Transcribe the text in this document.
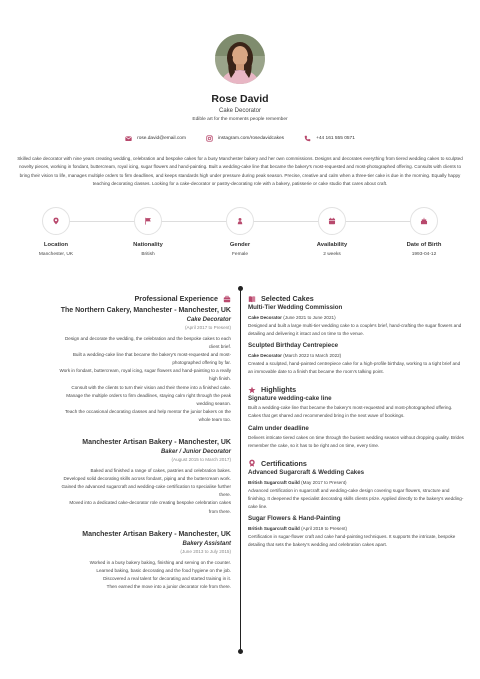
Rose David
Cake Decorator
Edible art for the moments people remember
rose.david@email.com	instagram.com/rosedavidcakes	+44 161 555 0571
Skilled cake decorator with nine years creating wedding, celebration and bespoke cakes for a busy Manchester bakery and her own commissions. Designs and decorates everything from tiered wedding cakes to sculpted novelty pieces, working in fondant, buttercream, royal icing, sugar flowers and hand-painting. Built a wedding-cake line that became the bakery's most-requested and most-photographed offering. Consults with clients to bring their vision to life, manages multiple orders to firm deadlines, and keeps standards high under pressure during peak season. Precise, creative and calm when a three-tier cake is due in the morning. Equally happy teaching decorating classes. Looking for a cake-decorator or pastry-decorating role with a bakery, patisserie or cake studio that cares about craft.
Location
Manchester, UK
Nationality
British
Gender
Female
Availability
2 weeks
Date of Birth
1993-04-12
Professional Experience
The Northern Cakery, Manchester - Manchester, UK
Cake Decorator
(April 2017 to Present)
Design and decorate the wedding, the celebration and the bespoke cakes to each
client brief.
Built a wedding-cake line that became the bakery's most-requested and most-
photographed offering by far.
Work in fondant, buttercream, royal icing, sugar flowers and hand-painting to a really
high finish.
Consult with the clients to turn their vision and their theme into a finished cake.
Manage the multiple orders to firm deadlines, staying calm right through the peak
wedding season.
Teach the occasional decorating classes and help mentor the junior bakers on the
whole team too.
Manchester Artisan Bakery - Manchester, UK
Baker / Junior Decorator
(August 2015 to March 2017)
Baked and finished a range of cakes, pastries and celebration bakes.
Developed solid decorating skills across fondant, piping and the buttercream work.
Gained the advanced sugarcraft and wedding-cake certification to specialise further
there.
Moved into a dedicated cake-decorator role creating bespoke celebration cakes
from there.
Manchester Artisan Bakery - Manchester, UK
Bakery Assistant
(June 2013 to July 2015)
Worked in a busy bakery baking, finishing and serving on the counter.
Learned baking, basic decorating and the food hygiene on the job.
Discovered a real talent for decorating and started training in it.
Then earned the move into a junior decorator role from there.
Selected Cakes
Multi-Tier Wedding Commission
Cake Decorator (June 2021 to June 2021)
Designed and built a large multi-tier wedding cake to a couple's brief, hand-crafting the sugar flowers and detailing and delivering it intact and on time to the venue.
Sculpted Birthday Centrepiece
Cake Decorator (March 2022 to March 2022)
Created a sculpted, hand-painted centrepiece cake for a high-profile birthday, working to a tight brief and an immovable date to a finish that became the room's talking point.
Highlights
Signature wedding-cake line
Built a wedding-cake line that became the bakery's most-requested and most-photographed offering. Cakes that get shared and recommended bring in the next wave of bookings.
Calm under deadline
Delivers intricate tiered cakes on time through the busiest wedding season without dropping quality. Brides remember the cake, so it has to be right and on time, every time.
Certifications
Advanced Sugarcraft & Wedding Cakes
British Sugarcraft Guild (May 2017 to Present)
Advanced certification in sugarcraft and wedding-cake design covering sugar flowers, structure and finishing. It deepened the specialist decorating skills clients prize. Applied directly to the bakery's wedding-cake line.
Sugar Flowers & Hand-Painting
British Sugarcraft Guild (April 2019 to Present)
Certification in sugar-flower craft and cake hand-painting techniques. It supports the intricate, bespoke detailing that sets the bakery's wedding and celebration cakes apart.
